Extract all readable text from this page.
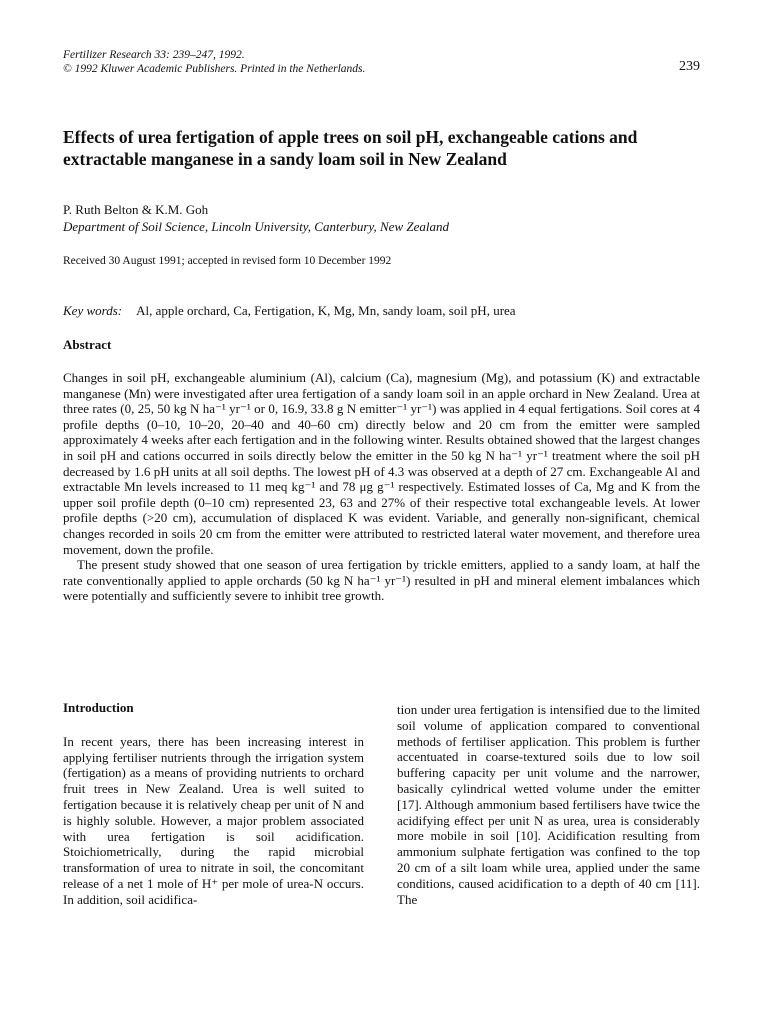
Fertilizer Research 33: 239–247, 1992.
© 1992 Kluwer Academic Publishers. Printed in the Netherlands.	239
Effects of urea fertigation of apple trees on soil pH, exchangeable cations and extractable manganese in a sandy loam soil in New Zealand
P. Ruth Belton & K.M. Goh
Department of Soil Science, Lincoln University, Canterbury, New Zealand
Received 30 August 1991; accepted in revised form 10 December 1992
Key words: Al, apple orchard, Ca, Fertigation, K, Mg, Mn, sandy loam, soil pH, urea
Abstract

Changes in soil pH, exchangeable aluminium (Al), calcium (Ca), magnesium (Mg), and potassium (K) and extractable manganese (Mn) were investigated after urea fertigation of a sandy loam soil in an apple orchard in New Zealand. Urea at three rates (0, 25, 50 kg N ha⁻¹ yr⁻¹ or 0, 16.9, 33.8 g N emitter⁻¹ yr⁻¹) was applied in 4 equal fertigations. Soil cores at 4 profile depths (0–10, 10–20, 20–40 and 40–60 cm) directly below and 20 cm from the emitter were sampled approximately 4 weeks after each fertigation and in the following winter. Results obtained showed that the largest changes in soil pH and cations occurred in soils directly below the emitter in the 50 kg N ha⁻¹ yr⁻¹ treatment where the soil pH decreased by 1.6 pH units at all soil depths. The lowest pH of 4.3 was observed at a depth of 27 cm. Exchangeable Al and extractable Mn levels increased to 11 meq kg⁻¹ and 78 μg g⁻¹ respectively. Estimated losses of Ca, Mg and K from the upper soil profile depth (0–10 cm) represented 23, 63 and 27% of their respective total exchangeable levels. At lower profile depths (>20 cm), accumulation of displaced K was evident. Variable, and generally non-significant, chemical changes recorded in soils 20 cm from the emitter were attributed to restricted lateral water movement, and therefore urea movement, down the profile.

The present study showed that one season of urea fertigation by trickle emitters, applied to a sandy loam, at half the rate conventionally applied to apple orchards (50 kg N ha⁻¹ yr⁻¹) resulted in pH and mineral element imbalances which were potentially and sufficiently severe to inhibit tree growth.

Introduction

In recent years, there has been increasing interest in applying fertiliser nutrients through the irrigation system (fertigation) as a means of providing nutrients to orchard fruit trees in New Zealand. Urea is well suited to fertigation because it is relatively cheap per unit of N and is highly soluble. However, a major problem associated with urea fertigation is soil acidification. Stoichiometrically, during the rapid microbial transformation of urea to nitrate in soil, the concomitant release of a net 1 mole of H⁺ per mole of urea-N occurs. In addition, soil acidifica-

tion under urea fertigation is intensified due to the limited soil volume of application compared to conventional methods of fertiliser application. This problem is further accentuated in coarse-textured soils due to low soil buffering capacity per unit volume and the narrower, basically cylindrical wetted volume under the emitter [17]. Although ammonium based fertilisers have twice the acidifying effect per unit N as urea, urea is considerably more mobile in soil [10]. Acidification resulting from ammonium sulphate fertigation was confined to the top 20 cm of a silt loam while urea, applied under the same conditions, caused acidification to a depth of 40 cm [11]. The
